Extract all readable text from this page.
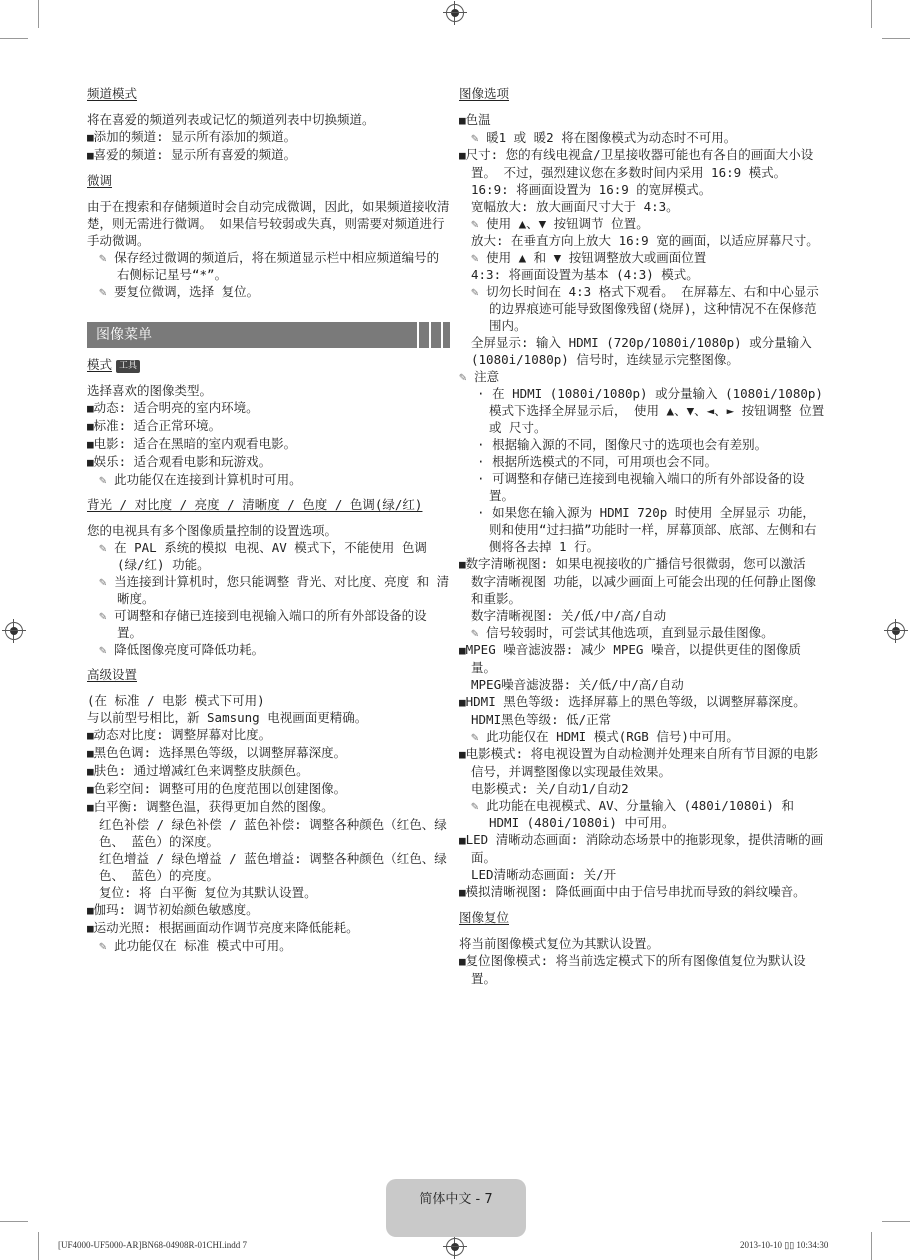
频道模式
将在喜爱的频道列表或记忆的频道列表中切换频道。
■ 添加的频道: 显示所有添加的频道。
■ 喜爱的频道: 显示所有喜爱的频道。
微调
由于在搜索和存储频道时会自动完成微调，因此，如果频道接收清楚，则无需进行微调。 如果信号较弱或失真，则需要对频道进行手动微调。
✎ 保存经过微调的频道后，将在频道显示栏中相应频道编号的右侧标记星号“*”。
✎ 要复位微调，选择 复位。
图像菜单
模式 工具
选择喜欢的图像类型。
■ 动态: 适合明亮的室内环境。
■ 标准: 适合正常环境。
■ 电影: 适合在黑暗的室内观看电影。
■ 娱乐: 适合观看电影和玩游戏。
✎ 此功能仅在连接到计算机时可用。
背光 / 对比度 / 亮度 / 清晰度 / 色度 / 色调(绿/红)
您的电视具有多个图像质量控制的设置选项。
✎ 在 PAL 系统的模拟 电视、AV 模式下，不能使用 色调(绿/红) 功能。
✎ 当连接到计算机时，您只能调整 背光、对比度、亮度 和 清晰度。
✎ 可调整和存储已连接到电视输入端口的所有外部设备的设置。
✎ 降低图像亮度可降低功耗。
高级设置
(在 标准 / 电影 模式下可用)
与以前型号相比，新 Samsung 电视画面更精确。
■ 动态对比度: 调整屏幕对比度。
■ 黑色色调: 选择黑色等级，以调整屏幕深度。
■ 肤色: 通过增减红色来调整皮肤颜色。
■ 色彩空间: 调整可用的色度范围以创建图像。
■ 白平衡: 调整色温，获得更加自然的图像。
红色补偿 / 绿色补偿 / 蓝色补偿: 调整各种颜色（红色、绿色、 蓝色）的深度。
红色增益 / 绿色增益 / 蓝色增益: 调整各种颜色（红色、绿色、 蓝色）的亮度。
复位: 将 白平衡 复位为其默认设置。
■ 伽玛: 调节初始颜色敏感度。
■ 运动光照: 根据画面动作调节亮度来降低能耗。
✎ 此功能仅在 标准 模式中可用。
图像选项
■ 色温
✎ 暖1 或 暖2 将在图像模式为动态时不可用。
■ 尺寸: 您的有线电视盒/卫星接收器可能也有各自的画面大小设置。 不过，强烈建议您在多数时间内采用 16:9 模式。
16:9: 将画面设置为 16:9 的宽屏模式。
宽幅放大: 放大画面尺寸大于 4:3。
✎ 使用 ▲、▼ 按钮调节 位置。
放大: 在垂直方向上放大 16:9 宽的画面，以适应屏幕尺寸。
✎ 使用 ▲ 和 ▼ 按钮调整放大或画面位置
4:3: 将画面设置为基本 (4:3) 模式。
✎ 切勿长时间在 4:3 格式下观看。 在屏幕左、右和中心显示的边界痕迹可能导致图像残留(烧屏)，这种情况不在保修范围内。
全屏显示: 输入 HDMI (720p/1080i/1080p) 或分量输入 (1080i/1080p) 信号时，连续显示完整图像。
✎ 注意
· 在 HDMI (1080i/1080p) 或分量输入 (1080i/1080p) 模式下选择全屏显示后， 使用 ▲、▼、◄、► 按钮调整 位置 或 尺寸。
· 根据输入源的不同，图像尺寸的选项也会有差别。
· 根据所选模式的不同，可用项也会不同。
· 可调整和存储已连接到电视输入端口的所有外部设备的设置。
· 如果您在输入源为 HDMI 720p 时使用 全屏显示 功能，则和使用“过扫描”功能时一样，屏幕顶部、底部、左侧和右侧将各去掉 1 行。
■ 数字清晰视图: 如果电视接收的广播信号很微弱，您可以激活 数字清晰视图 功能，以减少画面上可能会出现的任何静止图像和重影。
数字清晰视图: 关/低/中/高/自动
✎ 信号较弱时，可尝试其他选项，直到显示最佳图像。
■ MPEG 噪音滤波器: 减少 MPEG 噪音，以提供更佳的图像质量。
MPEG噪音滤波器: 关/低/中/高/自动
■ HDMI 黑色等级: 选择屏幕上的黑色等级，以调整屏幕深度。
HDMI黑色等级: 低/正常
✎ 此功能仅在 HDMI 模式(RGB 信号)中可用。
■ 电影模式: 将电视设置为自动检测并处理来自所有节目源的电影信号，并调整图像以实现最佳效果。
电影模式: 关/自动1/自动2
✎ 此功能在电视模式、AV、分量输入 (480i/1080i) 和 HDMI (480i/1080i) 中可用。
■ LED 清晰动态画面: 消除动态场景中的拖影现象，提供清晰的画面。
LED清晰动态画面: 关/开
■ 模拟清晰视图: 降低画面中由于信号串扰而导致的斜纹噪音。
图像复位
将当前图像模式复位为其默认设置。
■ 复位图像模式: 将当前选定模式下的所有图像值复位为默认设置。
简体中文 - 7
[UF4000-UF5000-AR]BN68-04908R-01CHI.indd 7	2013-10-10 ▯▯ 10:34:30
